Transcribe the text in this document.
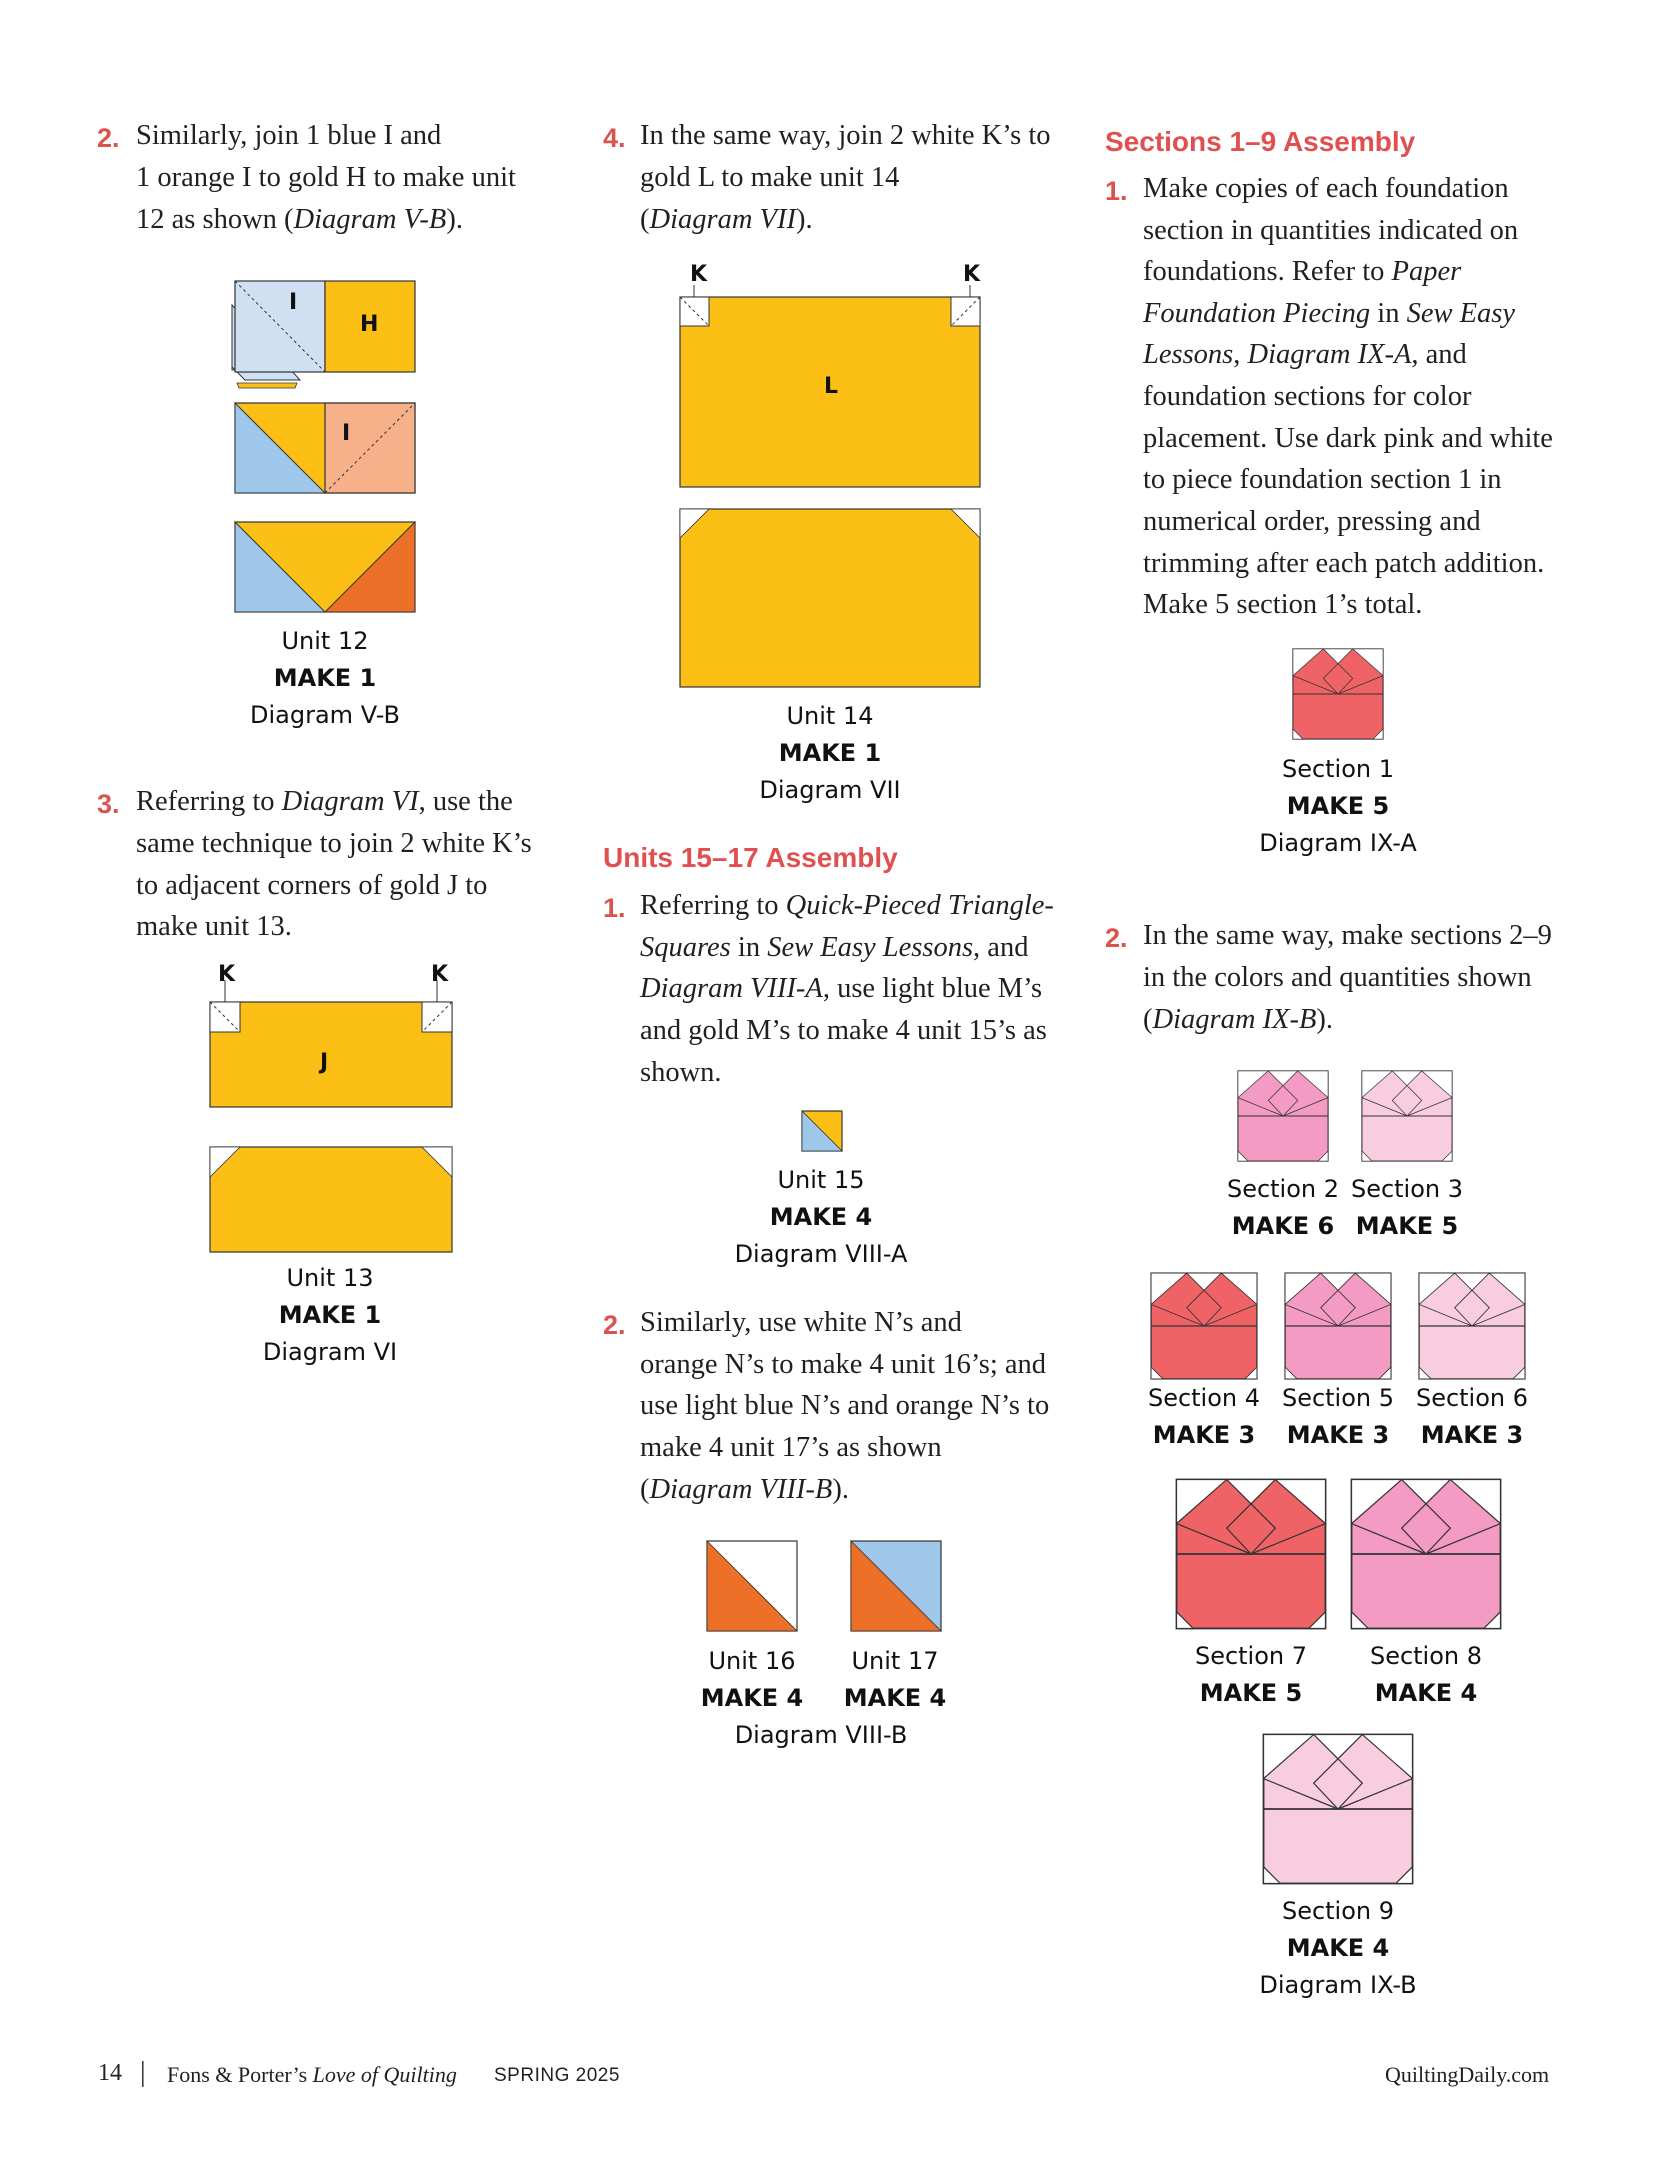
2. Similarly, join 1 blue I and
1 orange I to gold H to make unit
12 as shown (Diagram V-B).
I
H
I
Unit 12
MAKE 1
Diagram V-B
3. Referring to Diagram VI, use the
same technique to join 2 white K’s
to adjacent corners of gold J to
make unit 13.
K	K
J
Unit 13
MAKE 1
Diagram VI
4. In the same way, join 2 white K’s to
gold L to make unit 14
(Diagram VII).
K	K
L
Unit 14
MAKE 1
Diagram VII
Units 15–17 Assembly
1. Referring to Quick-Pieced Triangle-
Squares in Sew Easy Lessons, and
Diagram VIII-A, use light blue M’s
and gold M’s to make 4 unit 15’s as
shown.
Unit 15
MAKE 4
Diagram VIII-A
2. Similarly, use white N’s and
orange N’s to make 4 unit 16’s; and
use light blue N’s and orange N’s to
make 4 unit 17’s as shown
(Diagram VIII-B).
Unit 16
MAKE 4
Unit 17
MAKE 4
Diagram VIII-B
Sections 1–9 Assembly
1. Make copies of each foundation
section in quantities indicated on
foundations. Refer to Paper
Foundation Piecing in Sew Easy
Lessons, Diagram IX-A, and
foundation sections for color
placement. Use dark pink and white
to piece foundation section 1 in
numerical order, pressing and
trimming after each patch addition.
Make 5 section 1’s total.
Section 1
MAKE 5
Diagram IX-A
2. In the same way, make sections 2–9
in the colors and quantities shown
(Diagram IX-B).
Section 2
MAKE 6
Section 3
MAKE 5
Section 4
MAKE 3
Section 5
MAKE 3
Section 6
MAKE 3
Section 7
MAKE 5
Section 8
MAKE 4
Section 9
MAKE 4
Diagram IX-B
14 | Fons & Porter’s Love of Quilting SPRING 2025	QuiltingDaily.com
